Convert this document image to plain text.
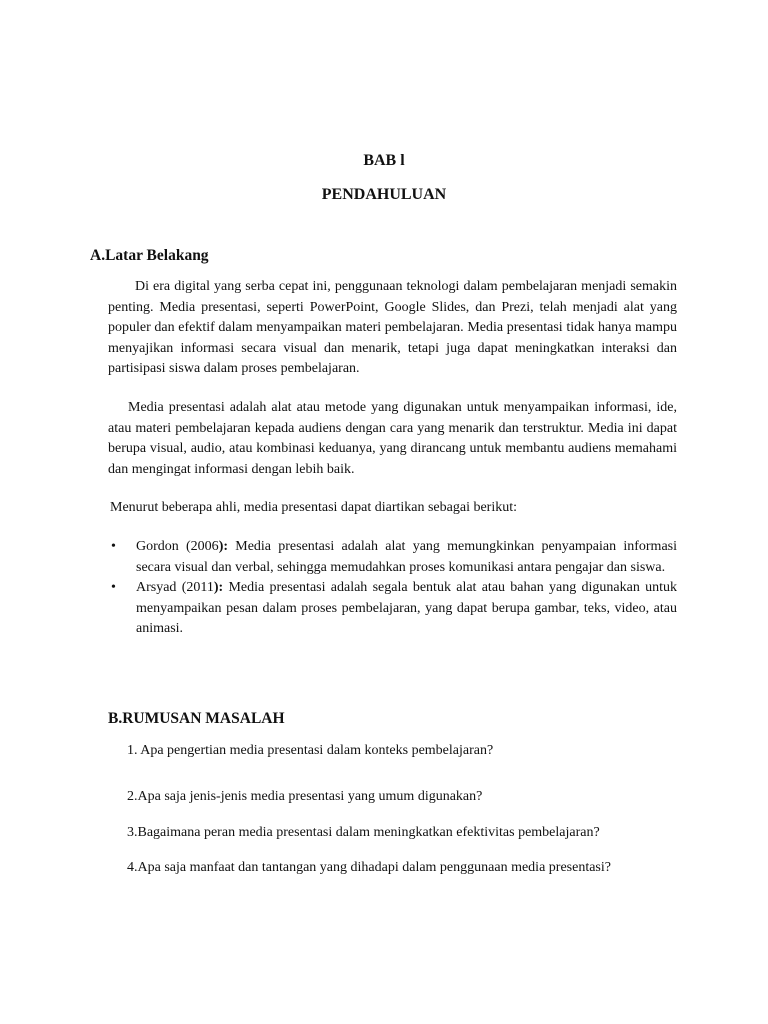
BAB l
PENDAHULUAN
A.Latar Belakang

Di era digital yang serba cepat ini, penggunaan teknologi dalam pembelajaran menjadi semakin penting. Media presentasi, seperti PowerPoint, Google Slides, dan Prezi, telah menjadi alat yang populer dan efektif dalam menyampaikan materi pembelajaran. Media presentasi tidak hanya mampu menyajikan informasi secara visual dan menarik, tetapi juga dapat meningkatkan interaksi dan partisipasi siswa dalam proses pembelajaran.

Media presentasi adalah alat atau metode yang digunakan untuk menyampaikan informasi, ide, atau materi pembelajaran kepada audiens dengan cara yang menarik dan terstruktur. Media ini dapat berupa visual, audio, atau kombinasi keduanya, yang dirancang untuk membantu audiens memahami dan mengingat informasi dengan lebih baik.

Menurut beberapa ahli, media presentasi dapat diartikan sebagai berikut:

• Gordon (2006): Media presentasi adalah alat yang memungkinkan penyampaian informasi secara visual dan verbal, sehingga memudahkan proses komunikasi antara pengajar dan siswa.
• Arsyad (2011): Media presentasi adalah segala bentuk alat atau bahan yang digunakan untuk menyampaikan pesan dalam proses pembelajaran, yang dapat berupa gambar, teks, video, atau animasi.
B.RUMUSAN MASALAH
1. Apa pengertian media presentasi dalam konteks pembelajaran?
2.Apa saja jenis-jenis media presentasi yang umum digunakan?
3.Bagaimana peran media presentasi dalam meningkatkan efektivitas pembelajaran?
4.Apa saja manfaat dan tantangan yang dihadapi dalam penggunaan media presentasi?
